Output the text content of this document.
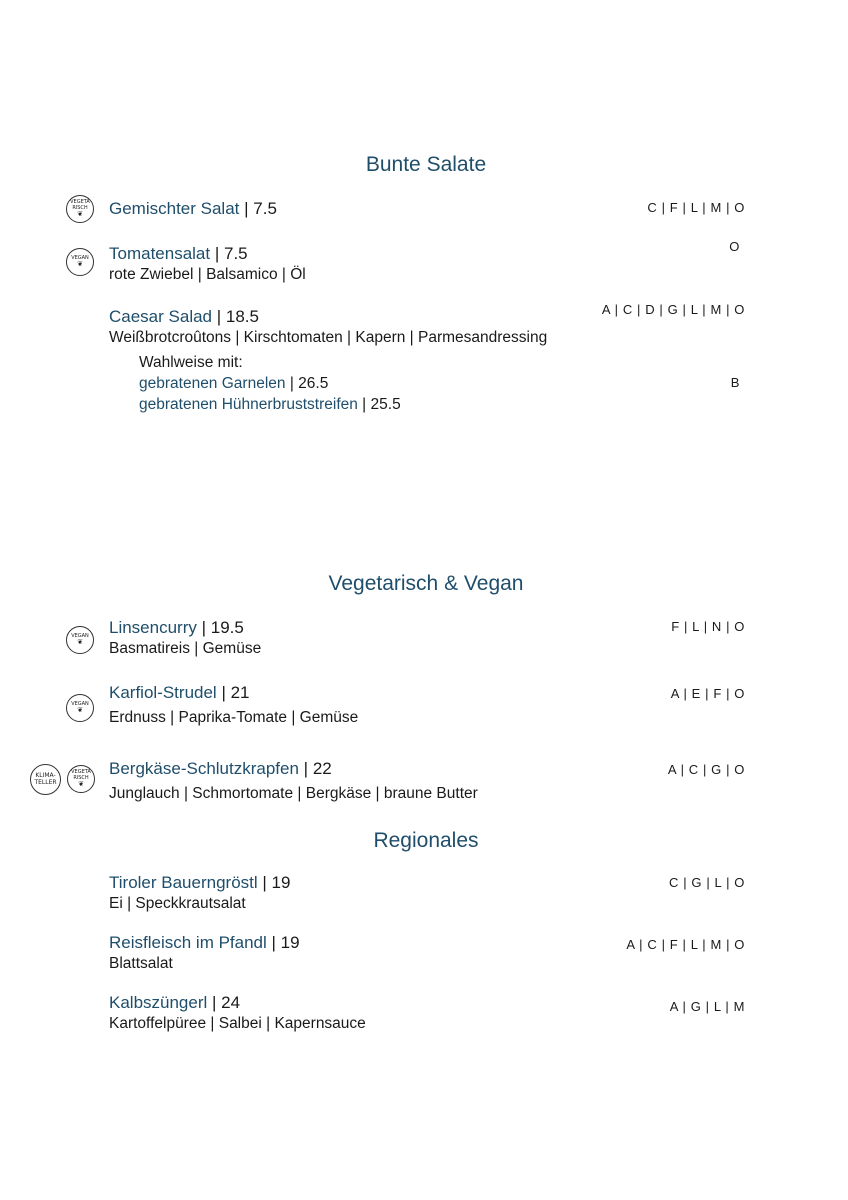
Bunte Salate
VEGETA
RISCH
❦ Gemischter Salat | 7.5	C | F | L | M | O
VEGAN
❦
Tomatensalat | 7.5
rote Zwiebel | Balsamico | Öl
O
Caesar Salad | 18.5
Weißbrotcroûtons | Kirschtomaten | Kapern | Parmesandressing
A | C | D | G | L | M | O
Wahlweise mit:
gebratenen Garnelen | 26.5	B
gebratenen Hühnerbruststreifen | 25.5
Vegetarisch & Vegan
VEGAN
❦
Linsencurry | 19.5
Basmatireis | Gemüse
F | L | N | O
VEGAN
❦
Karfiol-Strudel | 21
Erdnuss | Paprika-Tomate | Gemüse
A | E | F | O
KLIMA-
TELLER
VEGETA
RISCH
❦
Bergkäse-Schlutzkrapfen | 22
Junglauch | Schmortomate | Bergkäse | braune Butter
A | C | G | O
Regionales
Tiroler Bauerngröstl | 19
Ei | Speckkrautsalat
C | G | L | O
Reisfleisch im Pfandl | 19
Blattsalat
A | C | F | L | M | O
Kalbszüngerl | 24
Kartoffelpüree | Salbei | Kapernsauce
A | G | L | M
